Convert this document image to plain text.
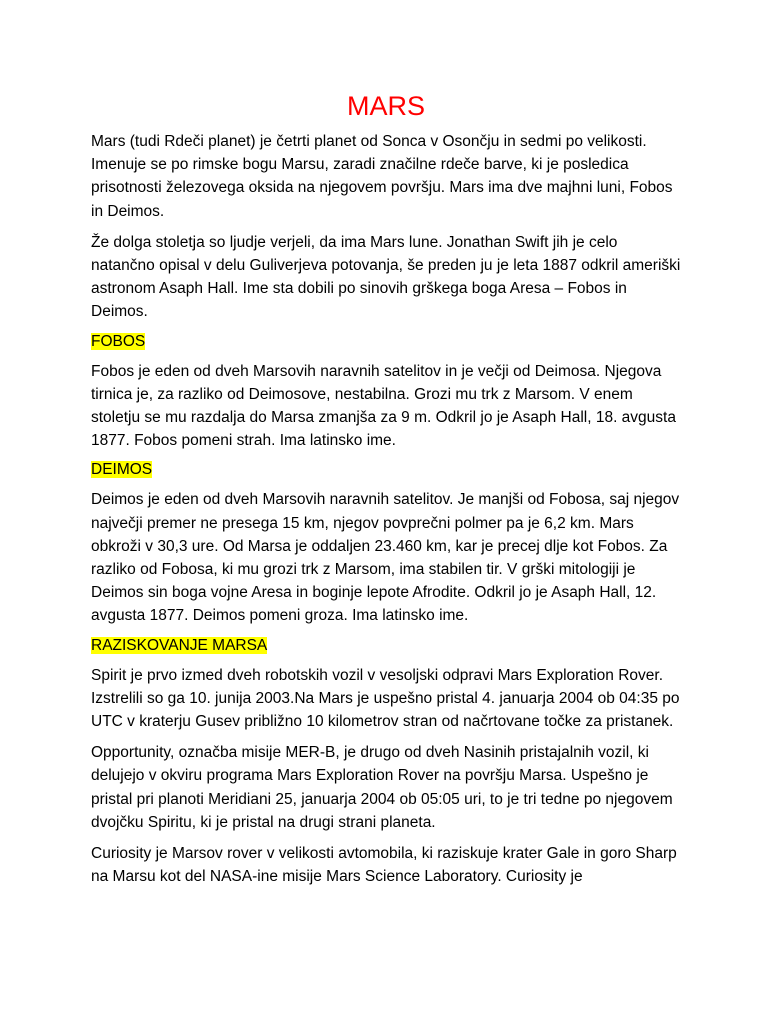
MARS

Mars (tudi Rdeči planet) je četrti planet od Sonca v Osončju in sedmi po velikosti. Imenuje se po rimske bogu Marsu, zaradi značilne rdeče barve, ki je posledica prisotnosti železovega oksida na njegovem površju. Mars ima dve majhni luni, Fobos in Deimos.

Že dolga stoletja so ljudje verjeli, da ima Mars lune. Jonathan Swift jih je celo natančno opisal v delu Guliverjeva potovanja, še preden ju je leta 1887 odkril ameriški astronom Asaph Hall. Ime sta dobili po sinovih grškega boga Aresa – Fobos in Deimos.

FOBOS

Fobos je eden od dveh Marsovih naravnih satelitov in je večji od Deimosa. Njegova tirnica je, za razliko od Deimosove, nestabilna. Grozi mu trk z Marsom. V enem stoletju se mu razdalja do Marsa zmanjša za 9 m. Odkril jo je Asaph Hall, 18. avgusta 1877. Fobos pomeni strah. Ima latinsko ime.

DEIMOS

Deimos je eden od dveh Marsovih naravnih satelitov. Je manjši od Fobosa, saj njegov največji premer ne presega 15 km, njegov povprečni polmer pa je 6,2 km. Mars obkroži v 30,3 ure. Od Marsa je oddaljen 23.460 km, kar je precej dlje kot Fobos. Za razliko od Fobosa, ki mu grozi trk z Marsom, ima stabilen tir. V grški mitologiji je Deimos sin boga vojne Aresa in boginje lepote Afrodite. Odkril jo je Asaph Hall, 12. avgusta 1877. Deimos pomeni groza. Ima latinsko ime.

RAZISKOVANJE MARSA

Spirit je prvo izmed dveh robotskih vozil v vesoljski odpravi Mars Exploration Rover. Izstrelili so ga 10. junija 2003.Na Mars je uspešno pristal 4. januarja 2004 ob 04:35 po UTC v kraterju Gusev približno 10 kilometrov stran od načrtovane točke za pristanek.

Opportunity, označba misije MER-B, je drugo od dveh Nasinih pristajalnih vozil, ki delujejo v okviru programa Mars Exploration Rover na površju Marsa. Uspešno je pristal pri planoti Meridiani 25, januarja 2004 ob 05:05 uri, to je tri tedne po njegovem dvojčku Spiritu, ki je pristal na drugi strani planeta.

Curiosity je Marsov rover v velikosti avtomobila, ki raziskuje krater Gale in goro Sharp na Marsu kot del NASA-ine misije Mars Science Laboratory. Curiosity je
